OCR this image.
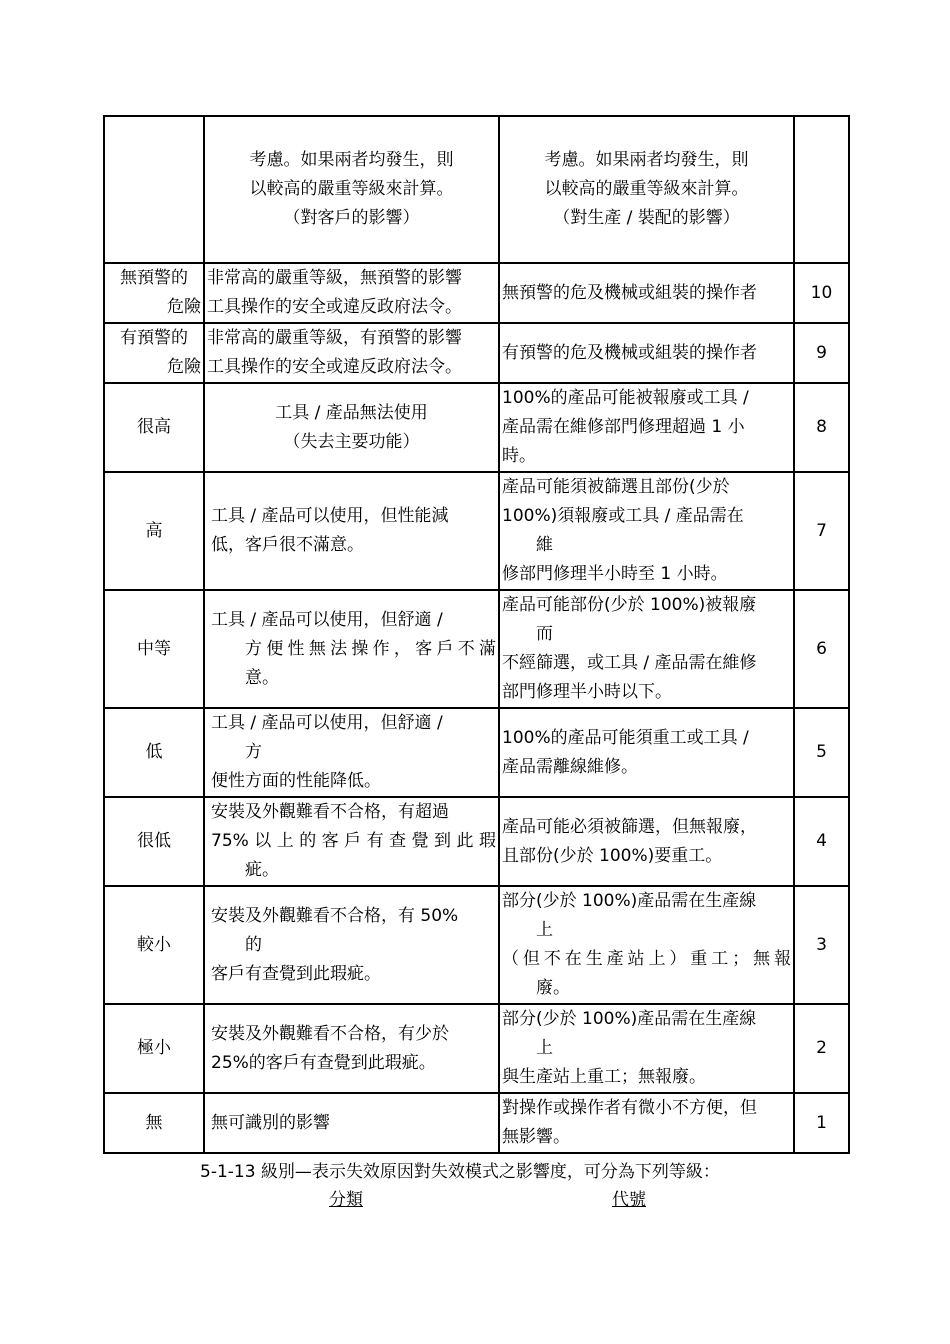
	考慮。如果兩者均發生，則
以較高的嚴重等級來計算。
（對客戶的影響）	考慮。如果兩者均發生，則
以較高的嚴重等級來計算。
（對生產 / 裝配的影響）	

無預警的
危險	非常高的嚴重等級，無預警的影響
工具操作的安全或違反政府法令。	無預警的危及機械或組裝的操作者	10

有預警的
危險	非常高的嚴重等級，有預警的影響
工具操作的安全或違反政府法令。	有預警的危及機械或組裝的操作者	9

很高	工具 / 產品無法使用
（失去主要功能）	100%的產品可能被報廢或工具 /
產品需在維修部門修理超過 1 小
時。	8

高	工具 / 產品可以使用，但性能減
低，客戶很不滿意。	產品可能須被篩選且部份(少於
100%)須報廢或工具 / 產品需在
維
修部門修理半小時至 1 小時。	7

中等	工具 / 產品可以使用，但舒適 /
方便性無法操作，客戶不滿
意。	產品可能部份(少於 100%)被報廢
而
不經篩選，或工具 / 產品需在維修
部門修理半小時以下。	6

低	工具 / 產品可以使用，但舒適 /
方
便性方面的性能降低。	100%的產品可能須重工或工具 /
產品需離線維修。	5

很低	安裝及外觀難看不合格，有超過
75%以上的客戶有查覺到此瑕
疵。	產品可能必須被篩選，但無報廢，
且部份(少於 100%)要重工。	4

較小	安裝及外觀難看不合格，有 50%
的
客戶有查覺到此瑕疵。	部分(少於 100%)產品需在生產線
上
（但不在生產站上）重工；無報
廢。	3

極小	安裝及外觀難看不合格，有少於
25%的客戶有查覺到此瑕疵。	部分(少於 100%)產品需在生產線
上
與生產站上重工；無報廢。	2

無	無可識別的影響	對操作或操作者有微小不方便，但
無影響。	1
5-1-13 級別—表示失效原因對失效模式之影響度，可分為下列等級：
分類	代號
